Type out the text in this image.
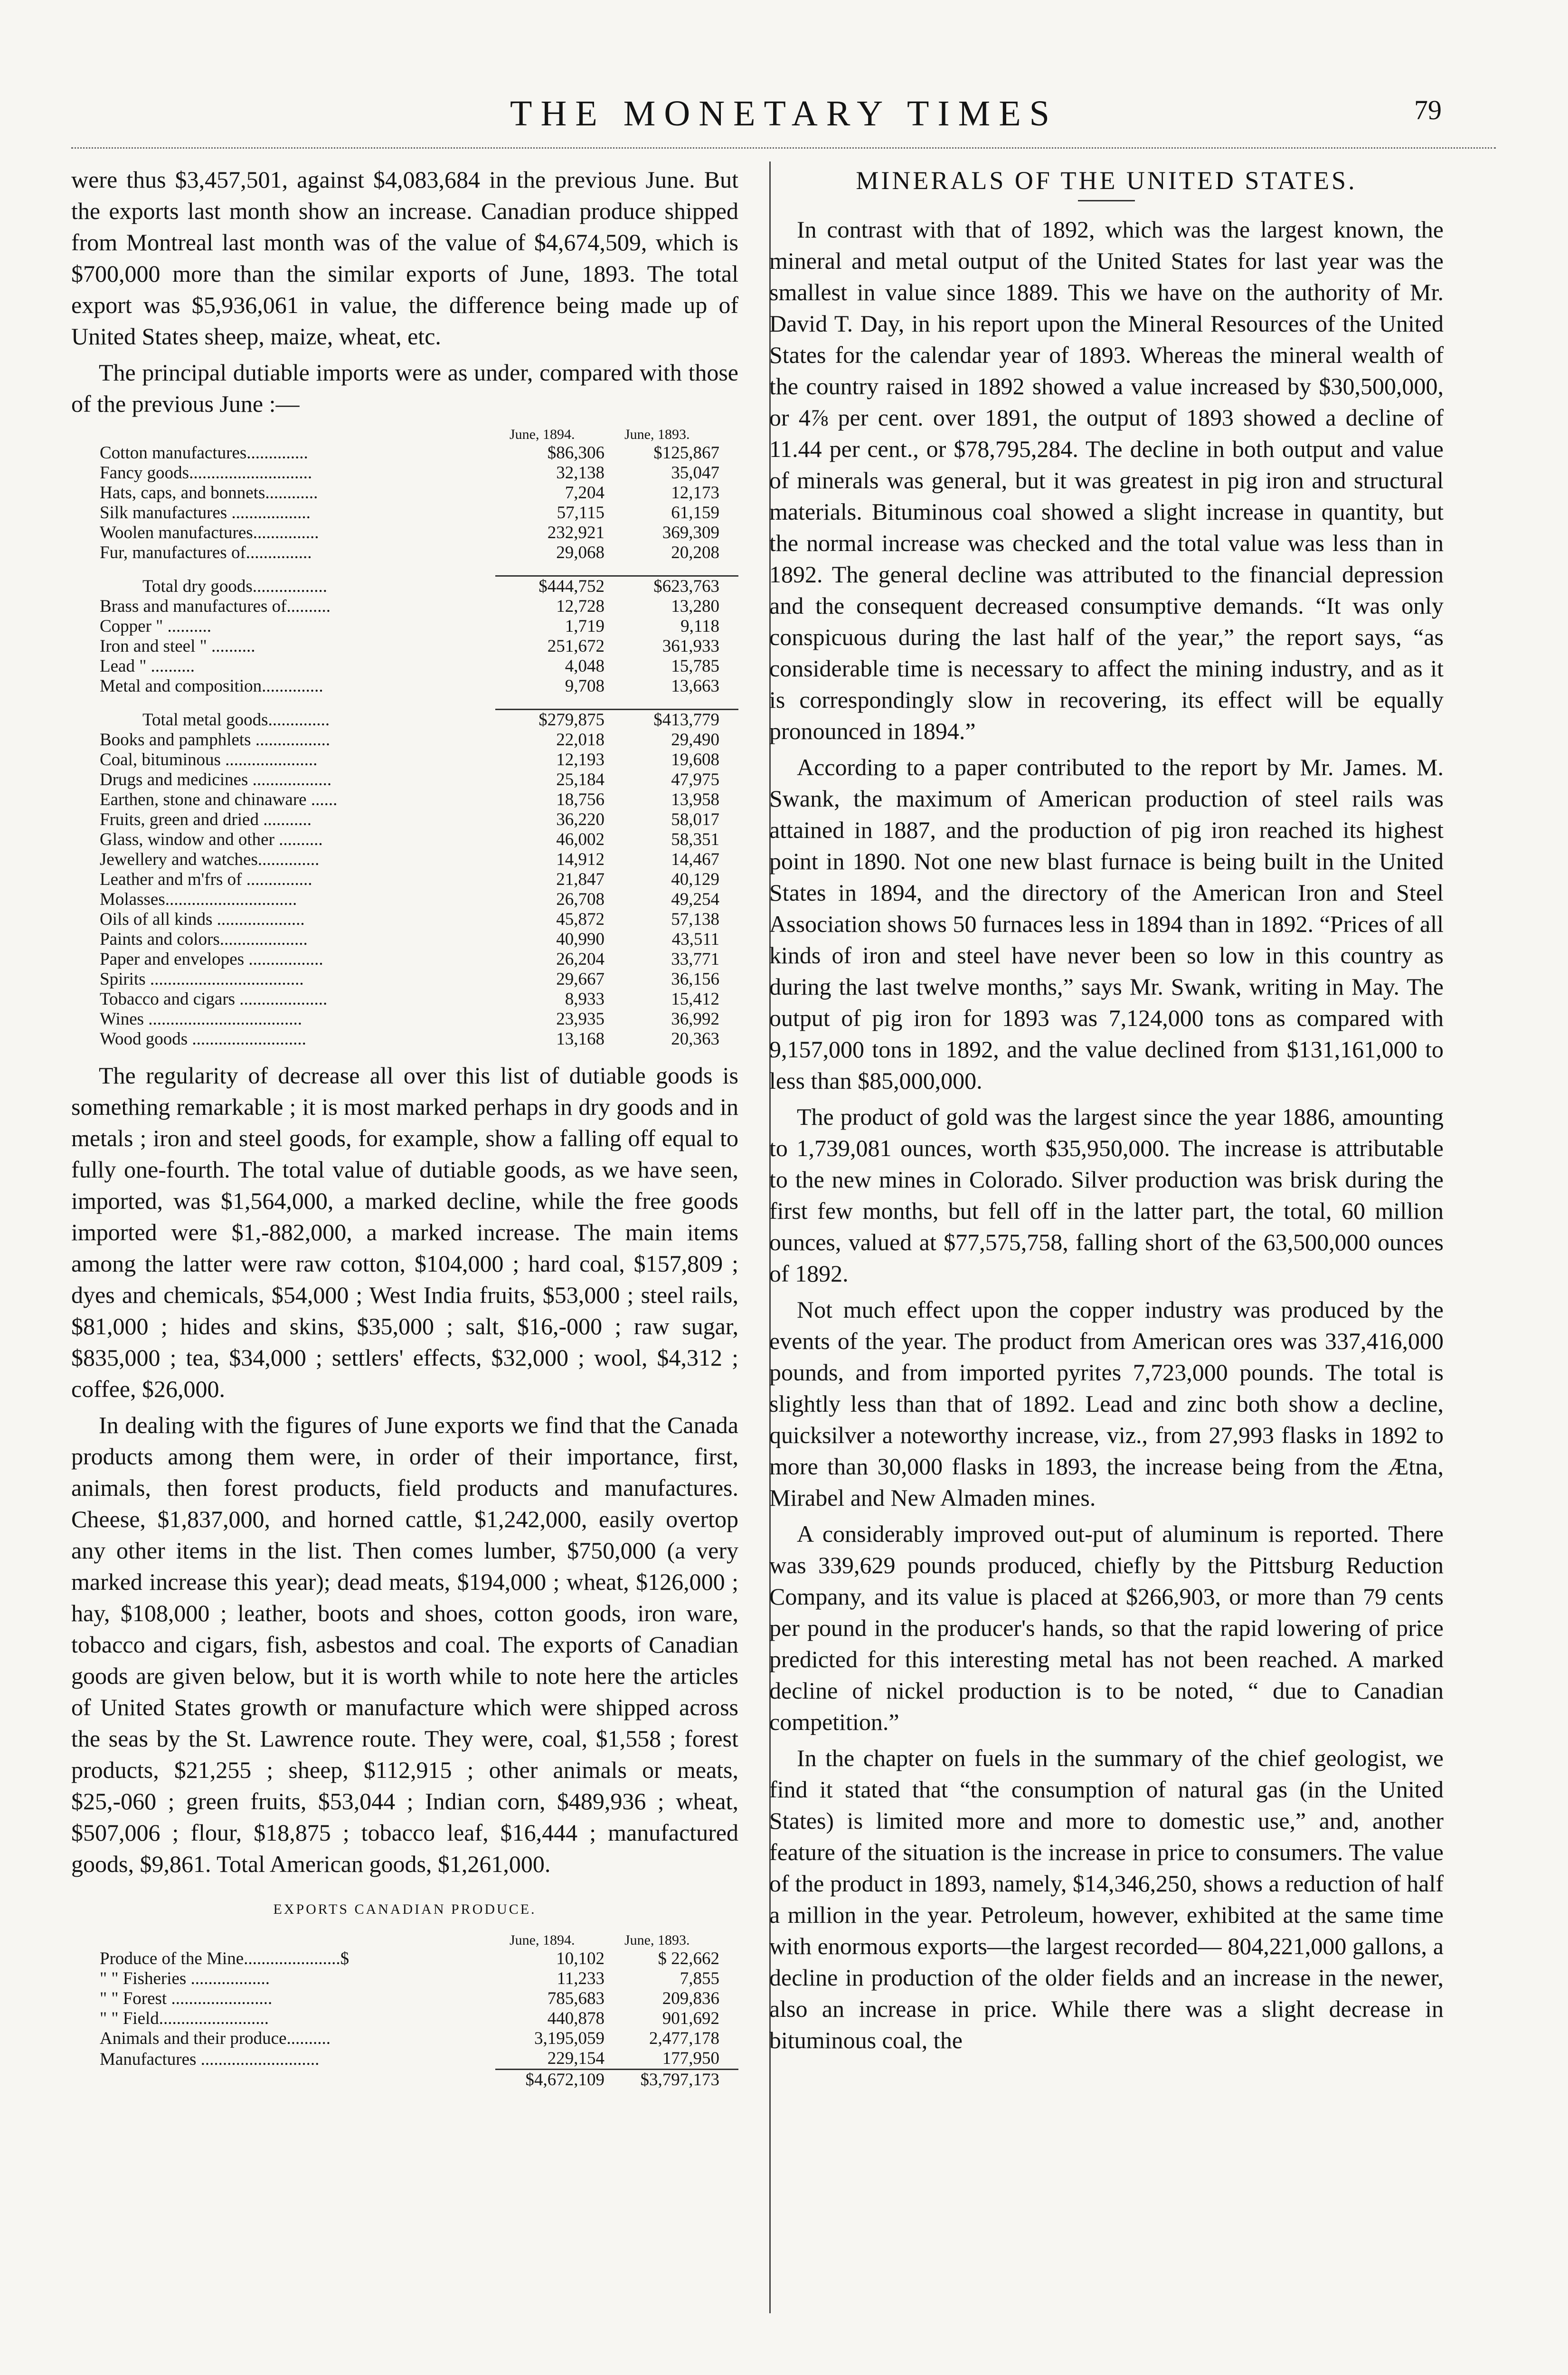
THE MONETARY TIMES	79

were thus $3,457,501, against $4,083,684 in the previous June. But the exports last month show an increase. Canadian produce shipped from Montreal last month was of the value of $4,674,509, which is $700,000 more than the similar exports of June, 1893. The total export was $5,936,061 in value, the difference being made up of United States sheep, maize, wheat, etc.

The principal dutiable imports were as under, compared with those of the previous June :—

	June, 1894.	June, 1893.
Cotton manufactures..............	$86,306	$125,867
Fancy goods............................	32,138	35,047
Hats, caps, and bonnets............	7,204	12,173
Silk manufactures ..................	57,115	61,159
Woolen manufactures...............	232,921	369,309
Fur, manufactures of...............	29,068	20,208

Total dry goods.................	$444,752	$623,763
Brass and manufactures of..........	12,728	13,280
Copper " ..........	1,719	9,118
Iron and steel " ..........	251,672	361,933
Lead " ..........	4,048	15,785
Metal and composition..............	9,708	13,663

Total metal goods..............	$279,875	$413,779
Books and pamphlets .................	22,018	29,490
Coal, bituminous .....................	12,193	19,608
Drugs and medicines ..................	25,184	47,975
Earthen, stone and chinaware ......	18,756	13,958
Fruits, green and dried ...........	36,220	58,017
Glass, window and other ..........	46,002	58,351
Jewellery and watches..............	14,912	14,467
Leather and m'frs of ...............	21,847	40,129
Molasses..............................	26,708	49,254
Oils of all kinds ....................	45,872	57,138
Paints and colors....................	40,990	43,511
Paper and envelopes .................	26,204	33,771
Spirits ...................................	29,667	36,156
Tobacco and cigars ....................	8,933	15,412
Wines ...................................	23,935	36,992
Wood goods ..........................	13,168	20,363

The regularity of decrease all over this list of dutiable goods is something remarkable ; it is most marked perhaps in dry goods and in metals ; iron and steel goods, for example, show a falling off equal to fully one-fourth. The total value of dutiable goods, as we have seen, imported, was $1,564,000, a marked decline, while the free goods imported were $1,-882,000, a marked increase. The main items among the latter were raw cotton, $104,000 ; hard coal, $157,809 ; dyes and chemicals, $54,000 ; West India fruits, $53,000 ; steel rails, $81,000 ; hides and skins, $35,000 ; salt, $16,-000 ; raw sugar, $835,000 ; tea, $34,000 ; settlers' effects, $32,000 ; wool, $4,312 ; coffee, $26,000.

In dealing with the figures of June exports we find that the Canada products among them were, in order of their importance, first, animals, then forest products, field products and manufactures. Cheese, $1,837,000, and horned cattle, $1,242,000, easily overtop any other items in the list. Then comes lumber, $750,000 (a very marked increase this year); dead meats, $194,000 ; wheat, $126,000 ; hay, $108,000 ; leather, boots and shoes, cotton goods, iron ware, tobacco and cigars, fish, asbestos and coal. The exports of Canadian goods are given below, but it is worth while to note here the articles of United States growth or manufacture which were shipped across the seas by the St. Lawrence route. They were, coal, $1,558 ; forest products, $21,255 ; sheep, $112,915 ; other animals or meats, $25,-060 ; green fruits, $53,044 ; Indian corn, $489,936 ; wheat, $507,006 ; flour, $18,875 ; tobacco leaf, $16,444 ; manufactured goods, $9,861. Total American goods, $1,261,000.

EXPORTS CANADIAN PRODUCE.
	June, 1894.	June, 1893.
Produce of the Mine......................$	10,102	$ 22,662
" " Fisheries ..................	11,233	7,855
" " Forest .......................	785,683	209,836
" " Field.........................	440,878	901,692
Animals and their produce..........	3,195,059	2,477,178
Manufactures ...........................	229,154	177,950
	$4,672,109	$3,797,173
MINERALS OF THE UNITED STATES.

In contrast with that of 1892, which was the largest known, the mineral and metal output of the United States for last year was the smallest in value since 1889. This we have on the authority of Mr. David T. Day, in his report upon the Mineral Resources of the United States for the calendar year of 1893. Whereas the mineral wealth of the country raised in 1892 showed a value increased by $30,500,000, or 4⅞ per cent. over 1891, the output of 1893 showed a decline of 11.44 per cent., or $78,795,284. The decline in both output and value of minerals was general, but it was greatest in pig iron and structural materials. Bituminous coal showed a slight increase in quantity, but the normal increase was checked and the total value was less than in 1892. The general decline was attributed to the financial depression and the consequent decreased consumptive demands. “It was only conspicuous during the last half of the year,” the report says, “as considerable time is necessary to affect the mining industry, and as it is correspondingly slow in recovering, its effect will be equally pronounced in 1894.”

According to a paper contributed to the report by Mr. James. M. Swank, the maximum of American production of steel rails was attained in 1887, and the production of pig iron reached its highest point in 1890. Not one new blast furnace is being built in the United States in 1894, and the directory of the American Iron and Steel Association shows 50 furnaces less in 1894 than in 1892. “Prices of all kinds of iron and steel have never been so low in this country as during the last twelve months,” says Mr. Swank, writing in May. The output of pig iron for 1893 was 7,124,000 tons as compared with 9,157,000 tons in 1892, and the value declined from $131,161,000 to less than $85,000,000.

The product of gold was the largest since the year 1886, amounting to 1,739,081 ounces, worth $35,950,000. The increase is attributable to the new mines in Colorado. Silver production was brisk during the first few months, but fell off in the latter part, the total, 60 million ounces, valued at $77,575,758, falling short of the 63,500,000 ounces of 1892.

Not much effect upon the copper industry was produced by the events of the year. The product from American ores was 337,416,000 pounds, and from imported pyrites 7,723,000 pounds. The total is slightly less than that of 1892. Lead and zinc both show a decline, quicksilver a noteworthy increase, viz., from 27,993 flasks in 1892 to more than 30,000 flasks in 1893, the increase being from the Ætna, Mirabel and New Almaden mines.

A considerably improved out-put of aluminum is reported. There was 339,629 pounds produced, chiefly by the Pittsburg Reduction Company, and its value is placed at $266,903, or more than 79 cents per pound in the producer's hands, so that the rapid lowering of price predicted for this interesting metal has not been reached. A marked decline of nickel production is to be noted, “ due to Canadian competition.”

In the chapter on fuels in the summary of the chief geologist, we find it stated that “the consumption of natural gas (in the United States) is limited more and more to domestic use,” and, another feature of the situation is the increase in price to consumers. The value of the product in 1893, namely, $14,346,250, shows a reduction of half a million in the year. Petroleum, however, exhibited at the same time with enormous exports—the largest recorded— 804,221,000 gallons, a decline in production of the older fields and an increase in the newer, also an increase in price. While there was a slight decrease in bituminous coal, the
